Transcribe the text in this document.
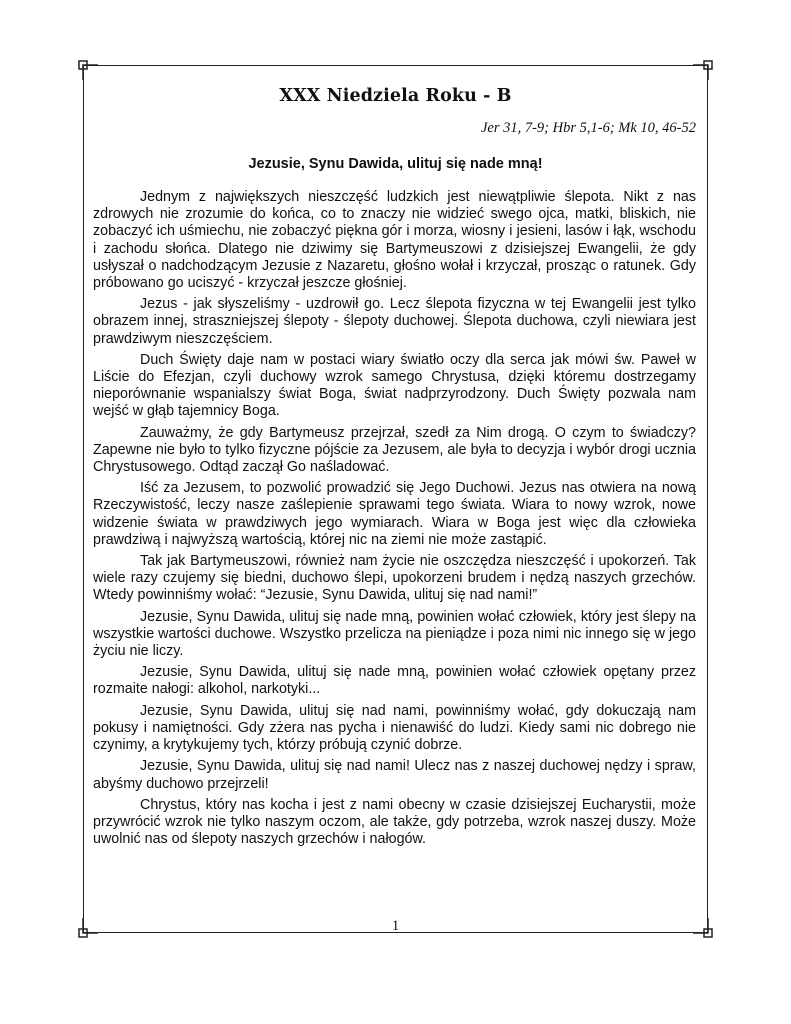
XXX Niedziela Roku - B
Jer 31, 7-9; Hbr 5,1-6; Mk 10, 46-52
Jezusie, Synu Dawida, ulituj się nade mną!

Jednym z największych nieszczęść ludzkich jest niewątpliwie ślepota. Nikt z nas zdrowych nie zrozumie do końca, co to znaczy nie widzieć swego ojca, matki, bliskich, nie zobaczyć ich uśmiechu, nie zobaczyć piękna gór i morza, wiosny i jesieni, lasów i łąk, wschodu i zachodu słońca. Dlatego nie dziwimy się Bartymeuszowi z dzisiejszej Ewangelii, że gdy usłyszał o nadchodzącym Jezusie z Nazaretu, głośno wołał i krzyczał, prosząc o ratunek. Gdy próbowano go uciszyć - krzyczał jeszcze głośniej.

Jezus - jak słyszeliśmy - uzdrowił go. Lecz ślepota fizyczna w tej Ewangelii jest tylko obrazem innej, straszniejszej ślepoty - ślepoty duchowej. Ślepota duchowa, czyli niewiara jest prawdziwym nieszczęściem.

Duch Święty daje nam w postaci wiary światło oczy dla serca jak mówi św. Paweł w Liście do Efezjan, czyli duchowy wzrok samego Chrystusa, dzięki któremu dostrzegamy nieporównanie wspanialszy świat Boga, świat nadprzyrodzony. Duch Święty pozwala nam wejść w głąb tajemnicy Boga.

Zauważmy, że gdy Bartymeusz przejrzał, szedł za Nim drogą. O czym to świadczy? Zapewne nie było to tylko fizyczne pójście za Jezusem, ale była to decyzja i wybór drogi ucznia Chrystusowego. Odtąd zaczął Go naśladować.

Iść za Jezusem, to pozwolić prowadzić się Jego Duchowi. Jezus nas otwiera na nową Rzeczywistość, leczy nasze zaślepienie sprawami tego świata. Wiara to nowy wzrok, nowe widzenie świata w prawdziwych jego wymiarach. Wiara w Boga jest więc dla człowieka prawdziwą i najwyższą wartością, której nic na ziemi nie może zastąpić.

Tak jak Bartymeuszowi, również nam życie nie oszczędza nieszczęść i upokorzeń. Tak wiele razy czujemy się biedni, duchowo ślepi, upokorzeni brudem i nędzą naszych grzechów. Wtedy powinniśmy wołać: “Jezusie, Synu Dawida, ulituj się nad nami!”

Jezusie, Synu Dawida, ulituj się nade mną, powinien wołać człowiek, który jest ślepy na wszystkie wartości duchowe. Wszystko przelicza na pieniądze i poza nimi nic innego się w jego życiu nie liczy.

Jezusie, Synu Dawida, ulituj się nade mną, powinien wołać człowiek opętany przez rozmaite nałogi: alkohol, narkotyki...

Jezusie, Synu Dawida, ulituj się nad nami, powinniśmy wołać, gdy dokuczają nam pokusy i namiętności. Gdy zżera nas pycha i nienawiść do ludzi. Kiedy sami nic dobrego nie czynimy, a krytykujemy tych, którzy próbują czynić dobrze.

Jezusie, Synu Dawida, ulituj się nad nami! Ulecz nas z naszej duchowej nędzy i spraw, abyśmy duchowo przejrzeli!

Chrystus, który nas kocha i jest z nami obecny w czasie dzisiejszej Eucharystii, może przywrócić wzrok nie tylko naszym oczom, ale także, gdy potrzeba, wzrok naszej duszy. Może uwolnić nas od ślepoty naszych grzechów i nałogów.

1
